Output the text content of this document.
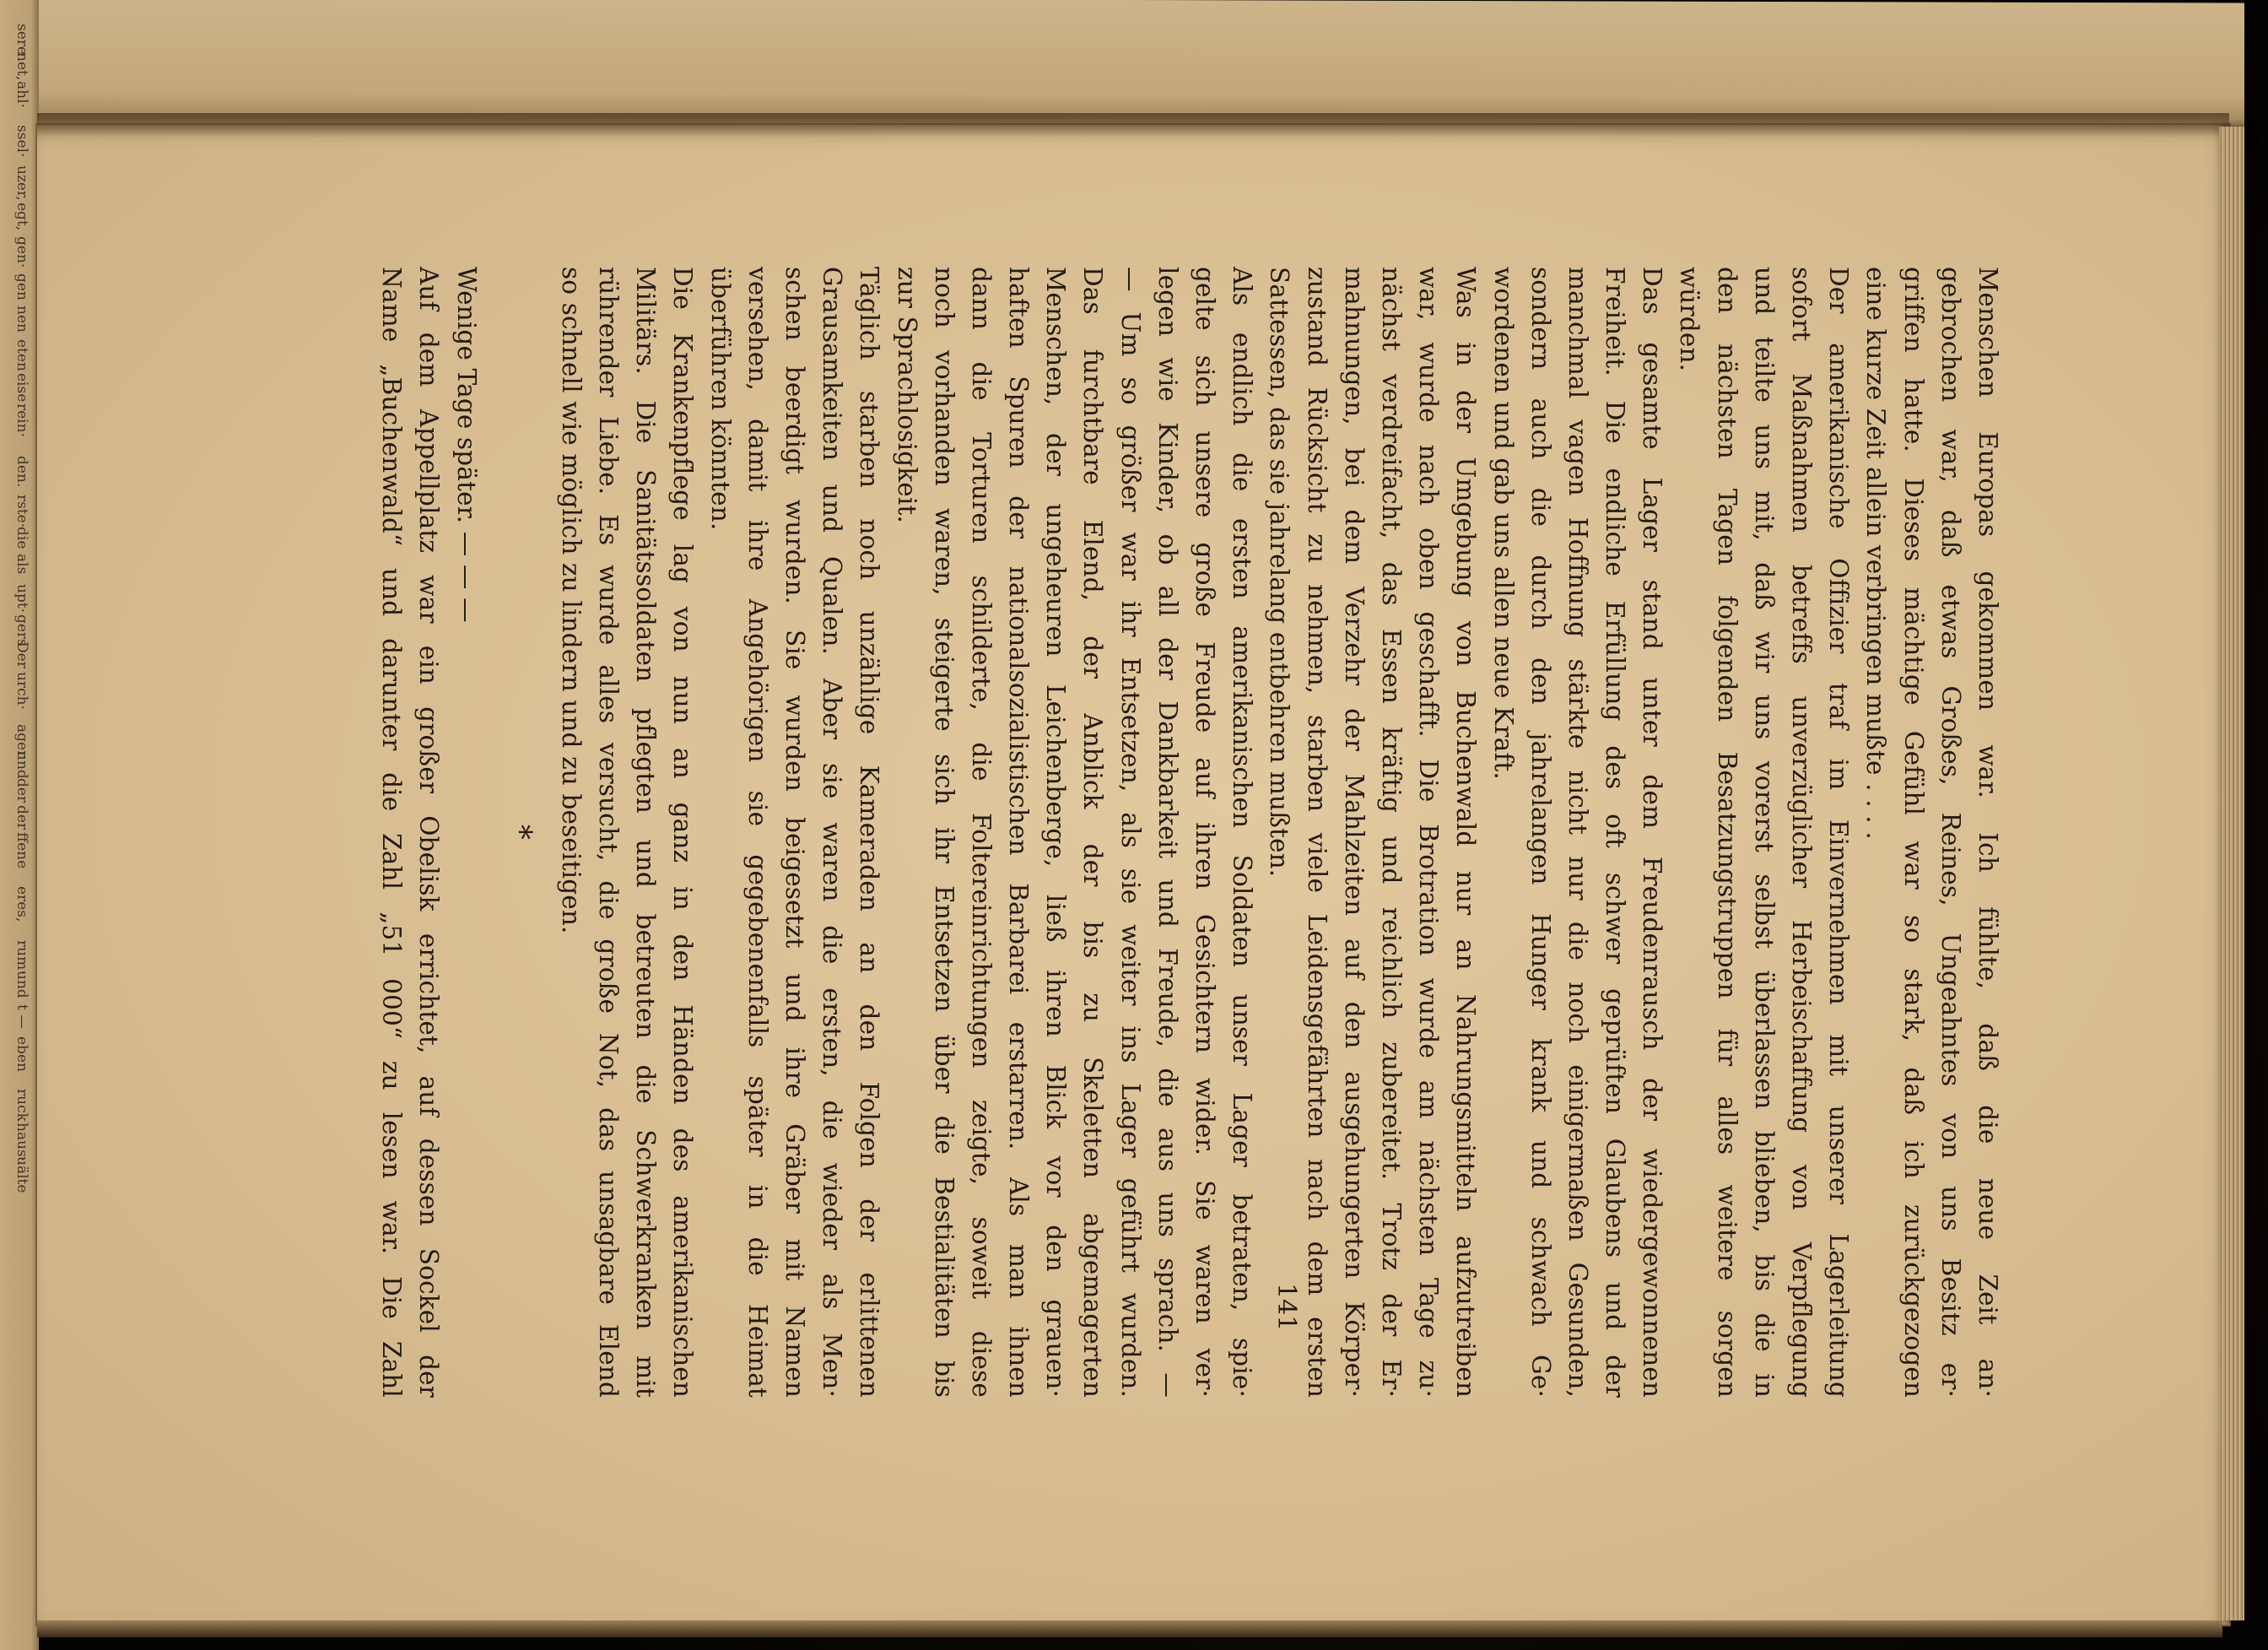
sere
net,
ahl·
ssel·
uzer,
egt,
gen·
gen
nen
eten
eise
rein·
den.
rste·
die
als
upt·
gers
Der
urch·
ager
und
der
der
ffene
eres,
rum·
und
t —
eben
ruck
haus·
uälte	Menschen Europas gekommen war. Ich fühlte, daß die neue Zeit an·
gebrochen war, daß etwas Großes, Reines, Ungeahntes von uns Besitz er·
griffen hatte. Dieses mächtige Gefühl war so stark, daß ich zurückgezogen
eine kurze Zeit allein verbringen mußte . . . .
Der amerikanische Offizier traf im Einvernehmen mit unserer Lagerleitung
sofort Maßnahmen betreffs unverzüglicher Herbeischaffung von Verpflegung
und teilte uns mit, daß wir uns vorerst selbst überlassen blieben, bis die in
den nächsten Tagen folgenden Besatzungstruppen für alles weitere sorgen
würden.
Das gesamte Lager stand unter dem Freudenrausch der wiedergewonnenen
Freiheit. Die endliche Erfüllung des oft schwer geprüften Glaubens und der
manchmal vagen Hoffnung stärkte nicht nur die noch einigermaßen Gesunden,
sondern auch die durch den jahrelangen Hunger krank und schwach Ge·
wordenen und gab uns allen neue Kraft.
Was in der Umgebung von Buchenwald nur an Nahrungsmitteln aufzutreiben
war, wurde nach oben geschafft. Die Brotration wurde am nächsten Tage zu·
nächst verdreifacht, das Essen kräftig und reichlich zubereitet. Trotz der Er·
mahnungen, bei dem Verzehr der Mahlzeiten auf den ausgehungerten Körper·
zustand Rücksicht zu nehmen, starben viele Leidensgefährten nach dem ersten
Sattessen, das sie jahrelang entbehren mußten.
Als endlich die ersten amerikanischen Soldaten unser Lager betraten, spie·
gelte sich unsere große Freude auf ihren Gesichtern wider. Sie waren ver·
legen wie Kinder, ob all der Dankbarkeit und Freude, die aus uns sprach. —
— Um so größer war ihr Entsetzen, als sie weiter ins Lager geführt wurden.
Das furchtbare Elend, der Anblick der bis zu Skeletten abgemagerten
Menschen, der ungeheuren Leichenberge, ließ ihren Blick vor den grauen·
haften Spuren der nationalsozialistischen Barbarei erstarren. Als man ihnen
dann die Torturen schilderte, die Foltereinrichtungen zeigte, soweit diese
noch vorhanden waren, steigerte sich ihr Entsetzen über die Bestialitäten bis
zur Sprachlosigkeit.
Täglich starben noch unzählige Kameraden an den Folgen der erlittenen
Grausamkeiten und Qualen. Aber sie waren die ersten, die wieder als Men·
schen beerdigt wurden. Sie wurden beigesetzt und ihre Gräber mit Namen
versehen, damit ihre Angehörigen sie gegebenenfalls später in die Heimat
überführen könnten.
Die Krankenpflege lag von nun an ganz in den Händen des amerikanischen
Militärs. Die Sanitätssoldaten pflegten und betreuten die Schwerkranken mit
rührender Liebe. Es wurde alles versucht, die große Not, das unsagbare Elend
so schnell wie möglich zu lindern und zu beseitigen.
*
Wenige Tage später. — — —
Auf dem Appellplatz war ein großer Obelisk errichtet, auf dessen Sockel der
Name „Buchenwald“ und darunter die Zahl „51 000“ zu lesen war. Die Zahl	141
